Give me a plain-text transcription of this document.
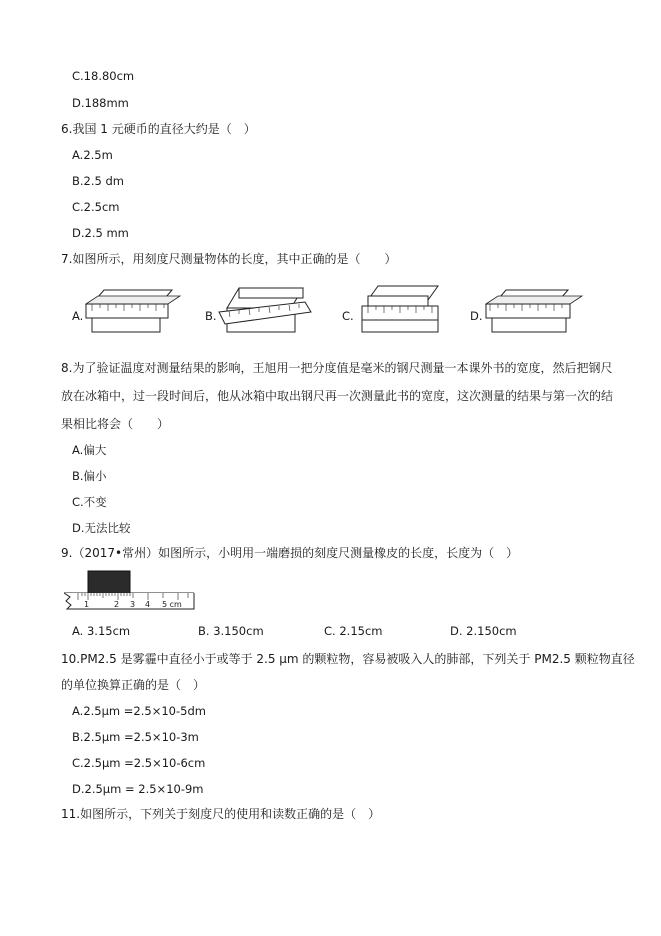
C.18.80cm
D.188mm
6.我国 1 元硬币的直径大约是（　）
A.2.5m
B.2.5 dm
C.2.5cm
D.2.5 mm
7.如图所示，用刻度尺测量物体的长度，其中正确的是（　　）
A.	B.	C.	D.
8.为了验证温度对测量结果的影响，王旭用一把分度值是毫米的钢尺测量一本课外书的宽度，然后把钢尺
放在冰箱中，过一段时间后，他从冰箱中取出钢尺再一次测量此书的宽度，这次测量的结果与第一次的结
果相比将会（　　）
A.偏大
B.偏小
C.不变
D.无法比较
9.（2017•常州）如图所示，小明用一端磨损的刻度尺测量橡皮的长度，长度为（　）
1	2 3 4 5 cm
A. 3.15cm	B. 3.150cm	C. 2.15cm	D. 2.150cm
10.PM2.5 是雾霾中直径小于或等于 2.5 μm 的颗粒物，容易被吸入人的肺部，下列关于 PM2.5 颗粒物直径
的单位换算正确的是（　）
A.2.5μm =2.5×10-5dm
B.2.5μm =2.5×10-3m
C.2.5μm =2.5×10-6cm
D.2.5μm = 2.5×10-9m
11.如图所示，下列关于刻度尺的使用和读数正确的是（　）
